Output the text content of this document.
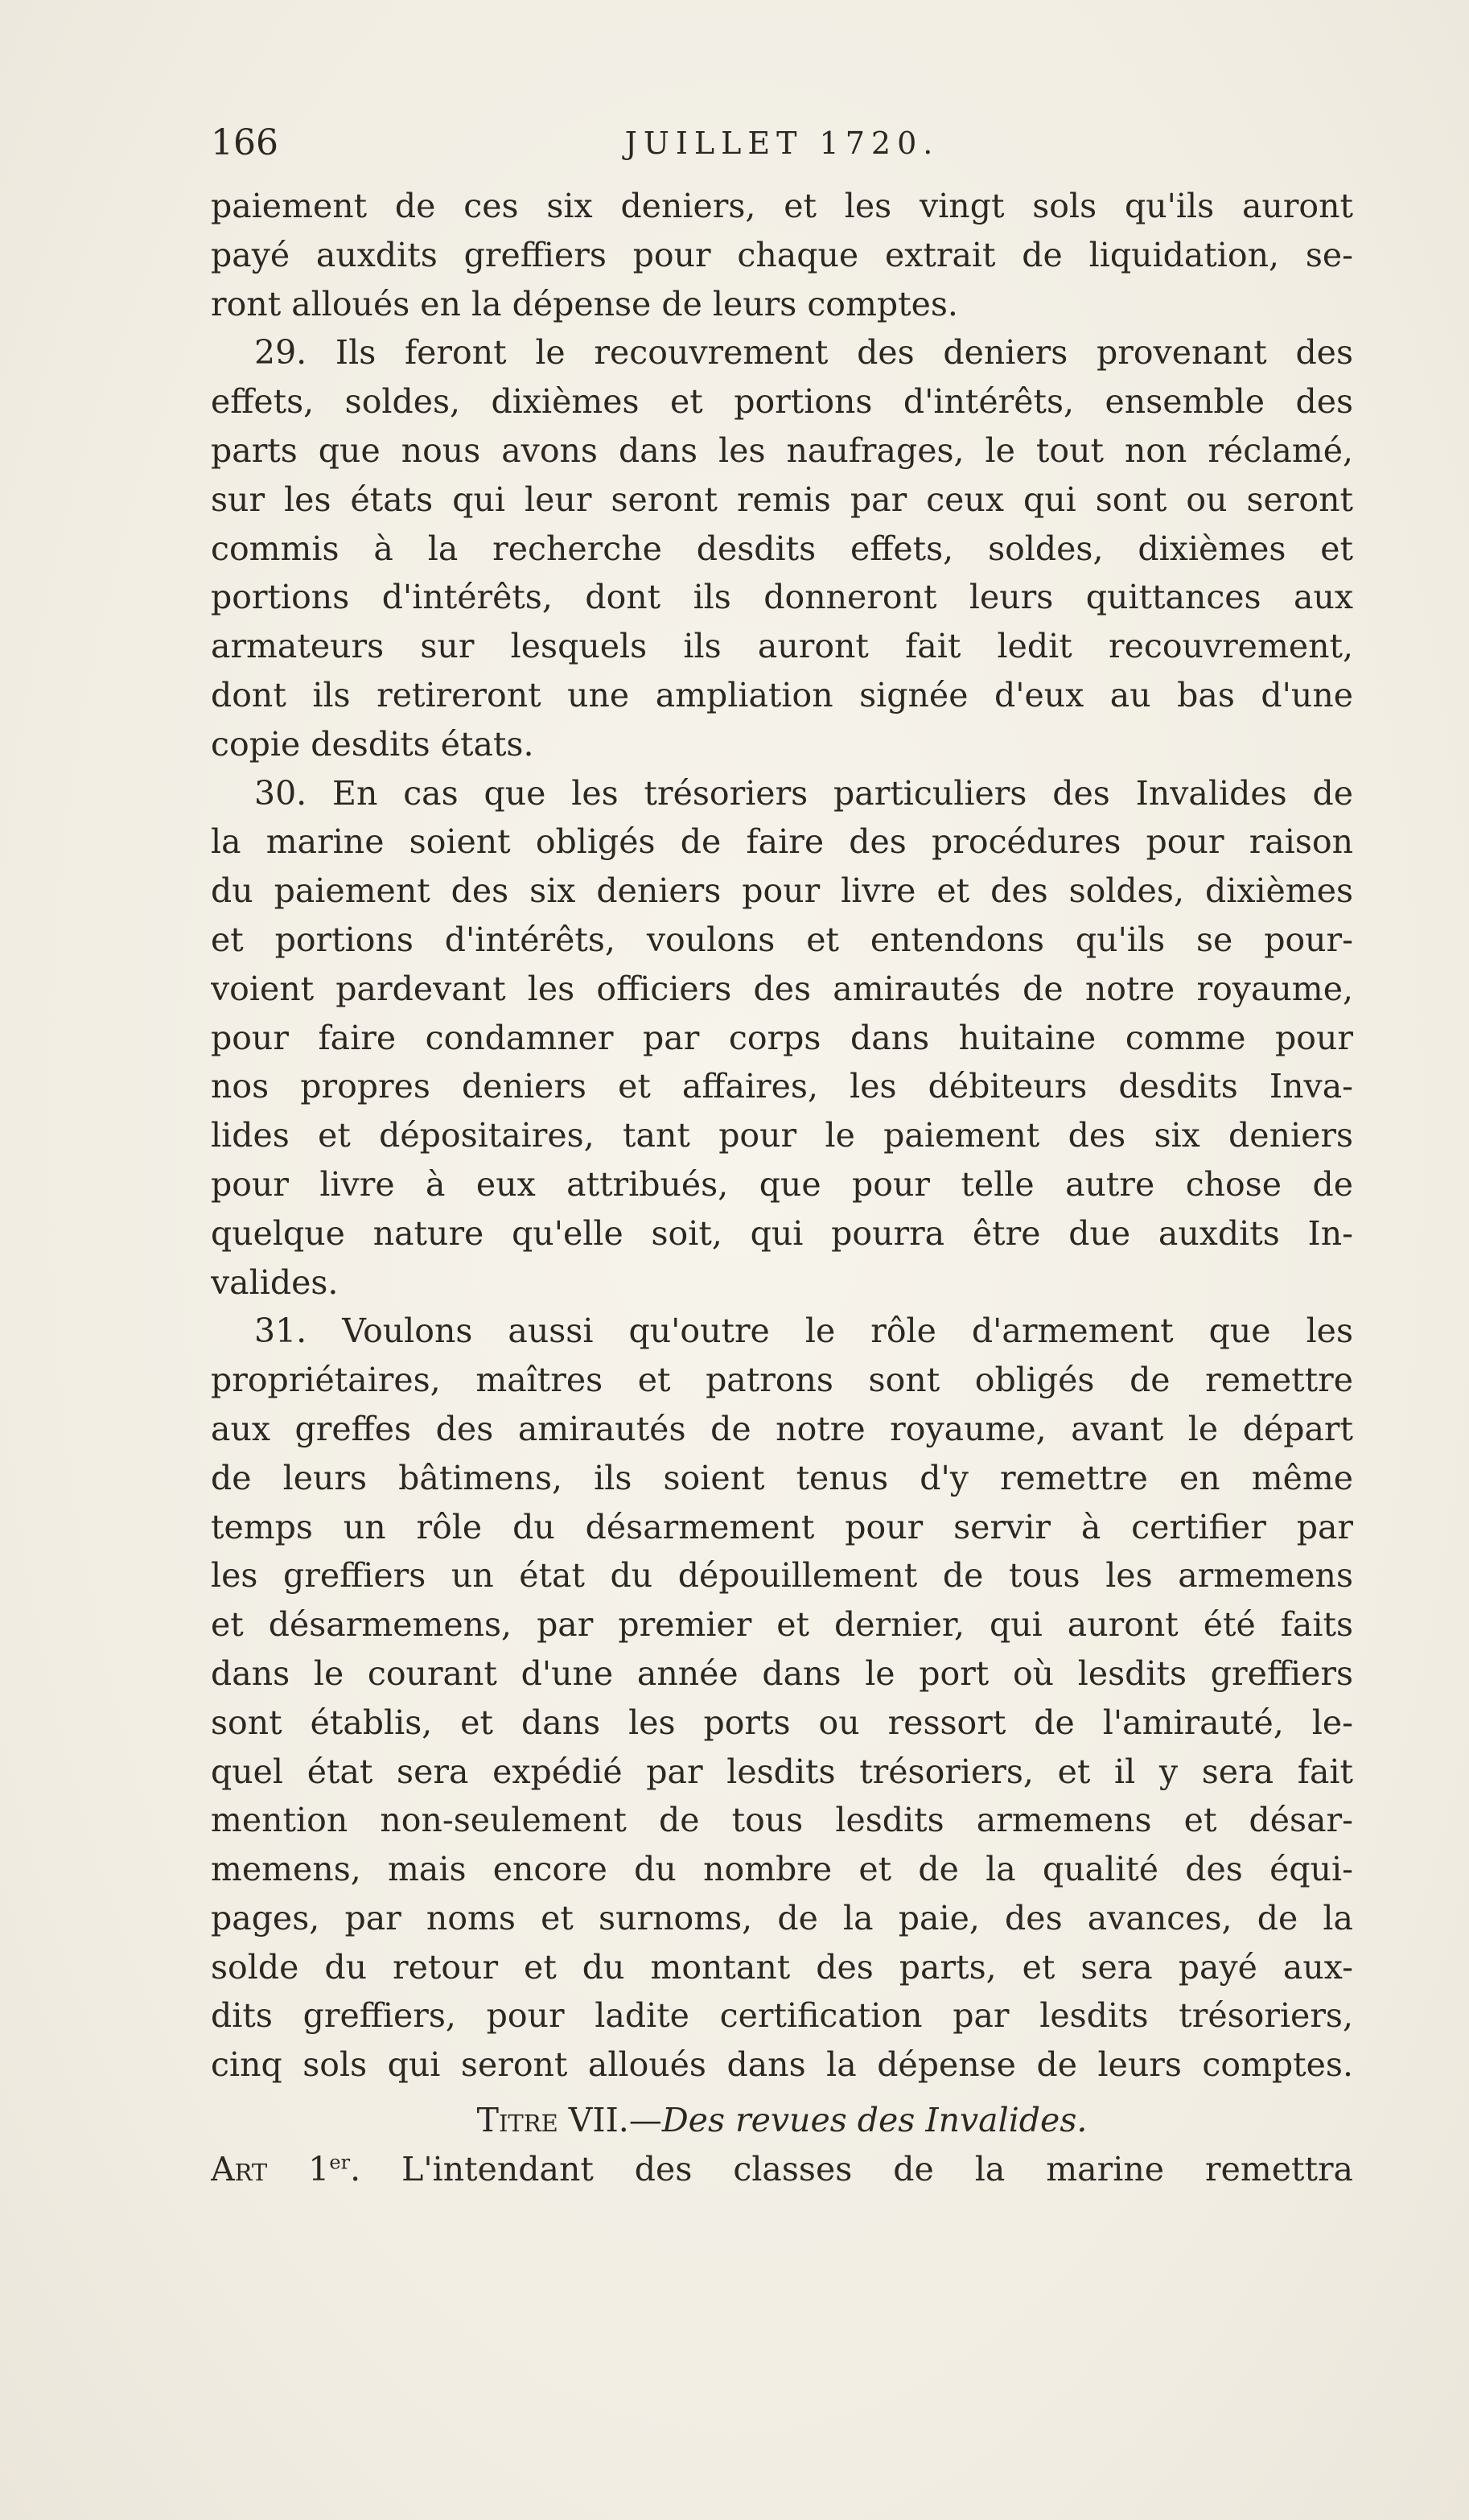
166	JUILLET 1720.
paiement de ces six deniers, et les vingt sols qu'ils auront
payé auxdits greffiers pour chaque extrait de liquidation, se-
ront alloués en la dépense de leurs comptes.
29. Ils feront le recouvrement des deniers provenant des
effets, soldes, dixièmes et portions d'intérêts, ensemble des
parts que nous avons dans les naufrages, le tout non réclamé,
sur les états qui leur seront remis par ceux qui sont ou seront
commis à la recherche desdits effets, soldes, dixièmes et
portions d'intérêts, dont ils donneront leurs quittances aux
armateurs sur lesquels ils auront fait ledit recouvrement,
dont ils retireront une ampliation signée d'eux au bas d'une
copie desdits états.
30. En cas que les trésoriers particuliers des Invalides de
la marine soient obligés de faire des procédures pour raison
du paiement des six deniers pour livre et des soldes, dixièmes
et portions d'intérêts, voulons et entendons qu'ils se pour-
voient pardevant les officiers des amirautés de notre royaume,
pour faire condamner par corps dans huitaine comme pour
nos propres deniers et affaires, les débiteurs desdits Inva-
lides et dépositaires, tant pour le paiement des six deniers
pour livre à eux attribués, que pour telle autre chose de
quelque nature qu'elle soit, qui pourra être due auxdits In-
valides.
31. Voulons aussi qu'outre le rôle d'armement que les
propriétaires, maîtres et patrons sont obligés de remettre
aux greffes des amirautés de notre royaume, avant le départ
de leurs bâtimens, ils soient tenus d'y remettre en même
temps un rôle du désarmement pour servir à certifier par
les greffiers un état du dépouillement de tous les armemens
et désarmemens, par premier et dernier, qui auront été faits
dans le courant d'une année dans le port où lesdits greffiers
sont établis, et dans les ports ou ressort de l'amirauté, le-
quel état sera expédié par lesdits trésoriers, et il y sera fait
mention non-seulement de tous lesdits armemens et désar-
memens, mais encore du nombre et de la qualité des équi-
pages, par noms et surnoms, de la paie, des avances, de la
solde du retour et du montant des parts, et sera payé aux-
dits greffiers, pour ladite certification par lesdits trésoriers,
cinq sols qui seront alloués dans la dépense de leurs comptes.
Titre VII.—Des revues des Invalides.
Art 1er. L'intendant des classes de la marine remettra
